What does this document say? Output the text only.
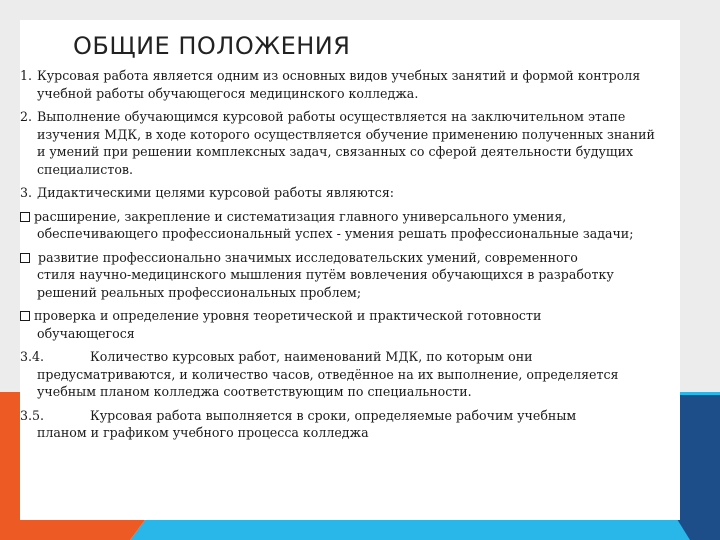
ОБЩИЕ ПОЛОЖЕНИЯ
1. Курсовая работа является одним из основных видов учебных занятий и формой контроля учебной работы обучающегося медицинского колледжа.
2. Выполнение обучающимся курсовой работы осуществляется на заключительном этапе изучения МДК, в ходе которого осуществляется обучение применению полученных знаний и умений при решении комплексных задач, связанных со сферой деятельности будущих специалистов.
3. Дидактическими целями курсовой работы являются:
расширение, закрепление и систематизация главного универсального умения,
обеспечивающего профессиональный успех - умения решать профессиональные задачи;
развитие профессионально значимых исследовательских умений, современного
стиля научно-медицинского мышления путём вовлечения обучающихся в разработку решений реальных профессиональных проблем;
проверка и определение уровня теоретической и практической готовности
обучающегося
3.4.	Количество курсовых работ, наименований МДК, по которым они
предусматриваются, и количество часов, отведённое на их выполнение, определяется учебным планом колледжа соответствующим по специальности.
3.5.	Курсовая работа выполняется в сроки, определяемые рабочим учебным
планом и графиком учебного процесса колледжа
